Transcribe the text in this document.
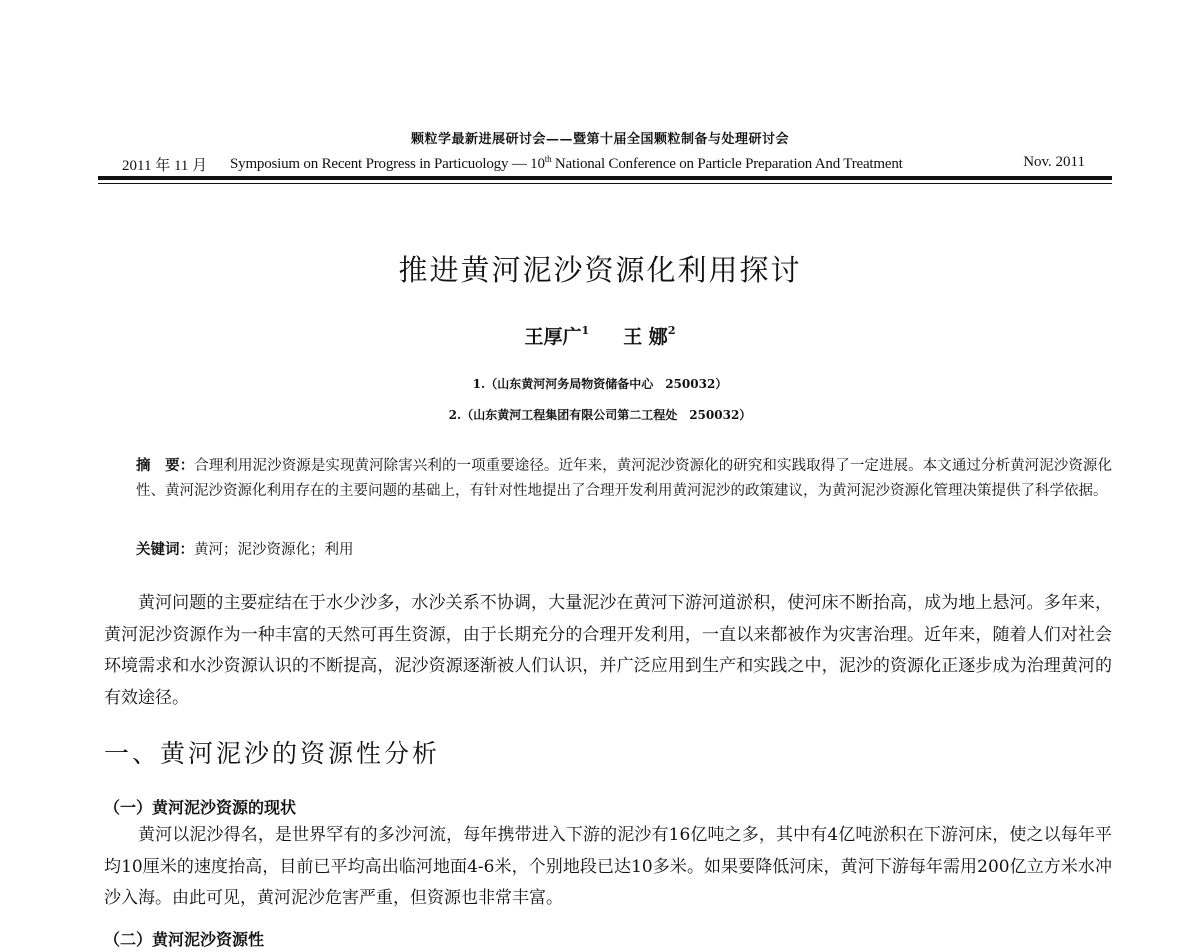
颗粒学最新进展研讨会——暨第十届全国颗粒制备与处理研讨会
2011 年 11 月 Symposium on Recent Progress in Particuology — 10th National Conference on Particle Preparation And Treatment	Nov. 2011
推进黄河泥沙资源化利用探讨
王厚广$^1$ 王 娜$^2$
1.（山东黄河河务局物资储备中心　250032）
2.（山东黄河工程集团有限公司第二工程处　250032）
摘　要：合理利用泥沙资源是实现黄河除害兴利的一项重要途径。近年来，黄河泥沙资源化的研究和实践取得了一定进展。本文通过分析黄河泥沙资源化性、黄河泥沙资源化利用存在的主要问题的基础上，有针对性地提出了合理开发利用黄河泥沙的政策建议，为黄河泥沙资源化管理决策提供了科学依据。
关键词：黄河；泥沙资源化；利用
黄河问题的主要症结在于水少沙多，水沙关系不协调，大量泥沙在黄河下游河道淤积，使河床不断抬高，成为地上悬河。多年来，黄河泥沙资源作为一种丰富的天然可再生资源，由于长期充分的合理开发利用，一直以来都被作为灾害治理。近年来，随着人们对社会环境需求和水沙资源认识的不断提高，泥沙资源逐渐被人们认识，并广泛应用到生产和实践之中，泥沙的资源化正逐步成为治理黄河的有效途径。
一、黄河泥沙的资源性分析
（一）黄河泥沙资源的现状
黄河以泥沙得名，是世界罕有的多沙河流，每年携带进入下游的泥沙有16亿吨之多，其中有4亿吨淤积在下游河床，使之以每年平均10厘米的速度抬高，目前已平均高出临河地面4-6米，个别地段已达10多米。如果要降低河床，黄河下游每年需用200亿立方米水冲沙入海。由此可见，黄河泥沙危害严重，但资源也非常丰富。
（二）黄河泥沙资源性
